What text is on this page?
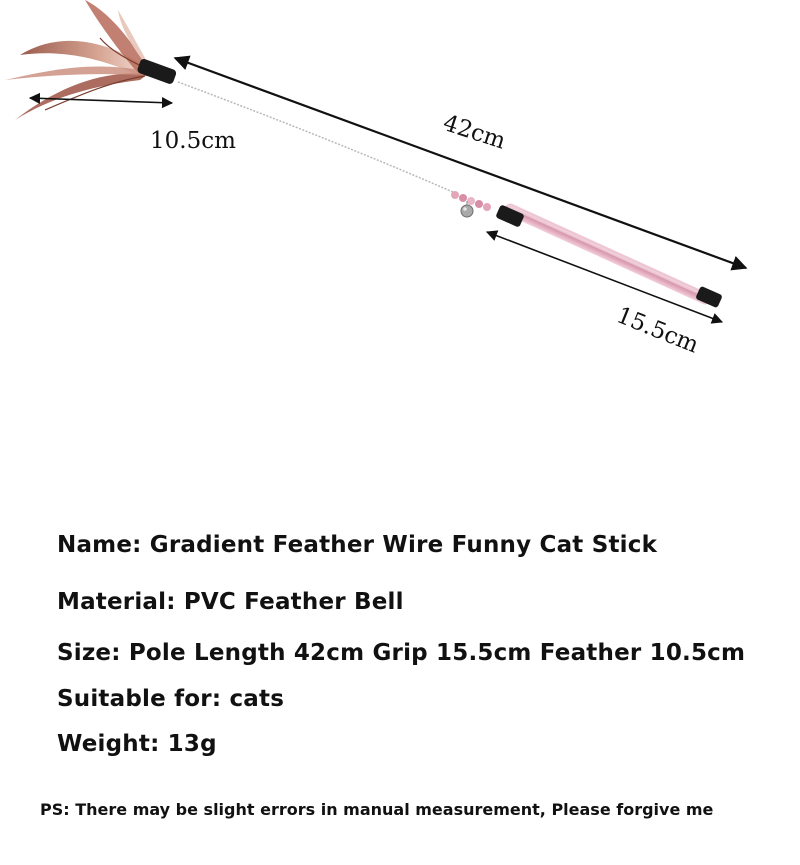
10.5cm	42cm
15.5cm

Name: Gradient Feather Wire Funny Cat Stick

Material: PVC Feather Bell

Size: Pole Length 42cm Grip 15.5cm Feather 10.5cm

Suitable for: cats

Weight: 13g

PS: There may be slight errors in manual measurement, Please forgive me
